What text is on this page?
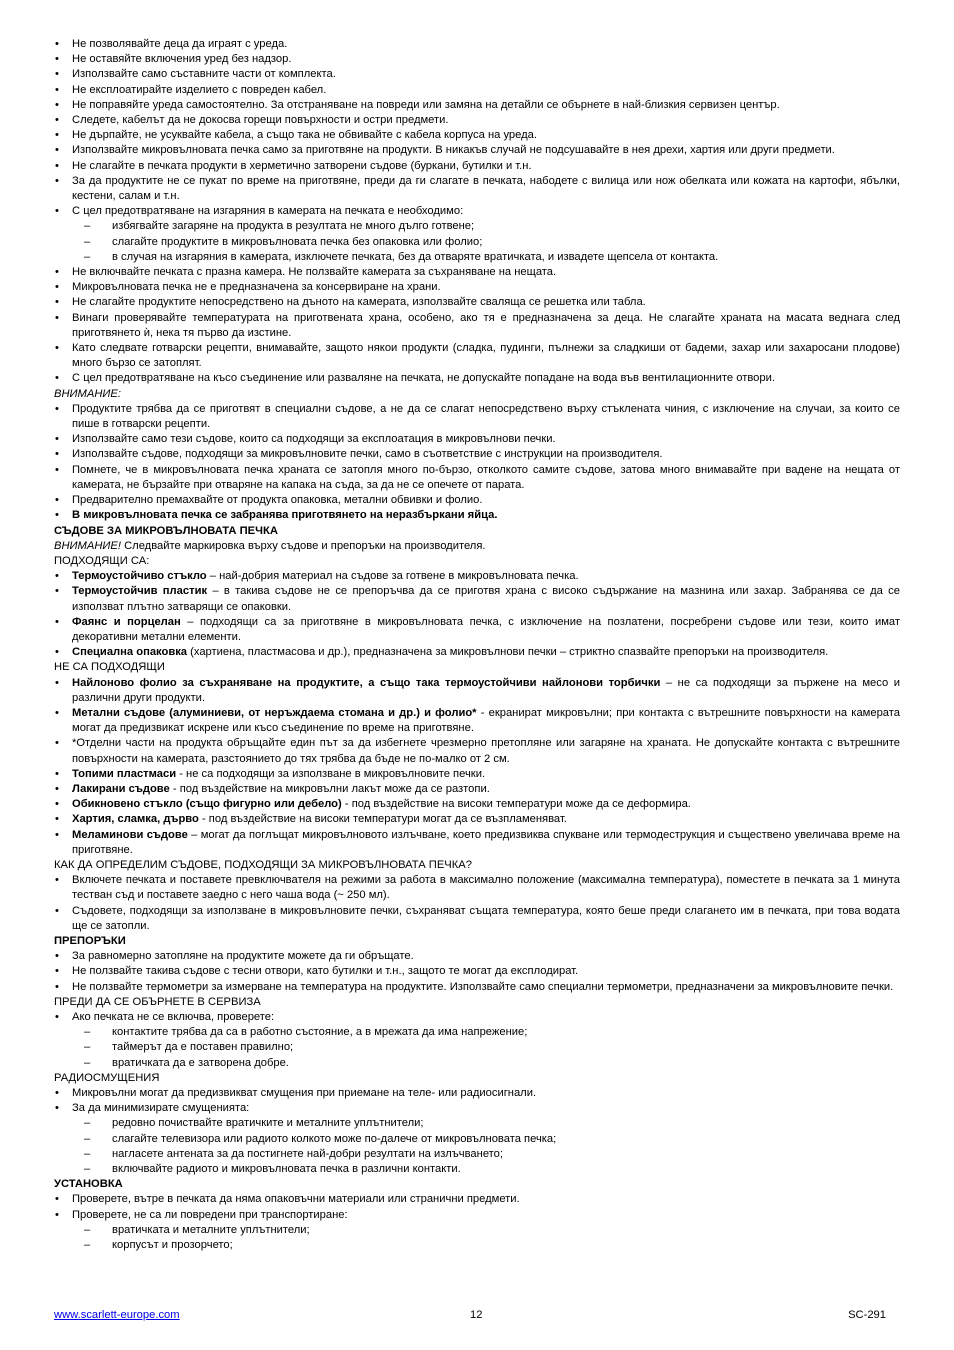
• Не позволявайте деца да играят с уреда.
• Не оставяйте включения уред без надзор.
• Използвайте само съставните части от комплекта.
• Не експлоатирайте изделието с повреден кабел.
• Не поправяйте уреда самостоятелно. За отстраняване на повреди или замяна на детайли се обърнете в най-близкия сервизен център.
• Следете, кабелът да не докосва горещи повърхности и остри предмети.
• Не дърпайте, не усуквайте кабела, а също така не обвивайте с кабела корпуса на уреда.
• Използвайте микровълновата печка само за приготвяне на продукти. В никакъв случай не подсушавайте в нея дрехи, хартия или други предмети.
• Не слагайте в печката продукти в херметично затворени съдове (буркани, бутилки и т.н.
• За да продуктите не се пукат по време на приготвяне, преди да ги слагате в печката, набодете с вилица или нож обелката или кожата на картофи, ябълки, кестени, салам и т.н.
• С цел предотвратяване на изгаряния в камерата на печката е необходимо:
– избягвайте загаряне на продукта в резултата не много дълго готвене;
– слагайте продуктите в микровълновата печка без опаковка или фолио;
– в случая на изгаряния в камерата, изключете печката, без да отваряте вратичката, и извадете щепсела от контакта.
• Не включвайте печката с празна камера. Не ползвайте камерата за съхраняване на нещата.
• Микровълновата печка не е предназначена за консервиране на храни.
• Не слагайте продуктите непосредствено на дъното на камерата, използвайте сваляща се решетка или табла.
• Винаги проверявайте температурата на приготвената храна, особено, ако тя е предназначена за деца. Не слагайте храната на масата веднага след приготвянето ѝ, нека тя първо да изстине.
• Като следвате готварски рецепти, внимавайте, защото някои продукти (сладка, пудинги, пълнежи за сладкиши от бадеми, захар или захаросани плодове) много бързо се затоплят.
• С цел предотвратяване на късо съединение или разваляне на печката, не допускайте попадане на вода във вентилационните отвори.
ВНИМАНИЕ:
• Продуктите трябва да се приготвят в специални съдове, а не да се слагат непосредствено върху стъклената чиния, с изключение на случаи, за които се пише в готварски рецепти.
• Използвайте само тези съдове, които са подходящи за експлоатация в микровълнови печки.
• Използвайте съдове, подходящи за микровълновите печки, само в съответствие с инструкции на производителя.
• Помнете, че в микровълновата печка храната се затопля много по-бързо, отколкото самите съдове, затова много внимавайте при вадене на нещата от камерата, не бързайте при отваряне на капака на съда, за да не се опечете от парата.
• Предварително премахвайте от продукта опаковка, метални обвивки и фолио.
• В микровълновата печка се забранява приготвянето на неразбъркани яйца.
СЪДОВЕ ЗА МИКРОВЪЛНОВАТА ПЕЧКА
ВНИМАНИЕ! Следвайте маркировка върху съдове и препоръки на производителя.
ПОДХОДЯЩИ СА:
• Термоустойчиво стъкло – най-добрия материал на съдове за готвене в микровълновата печка.
• Термоустойчив пластик – в такива съдове не се препоръчва да се приготвя храна с високо съдържание на мазнина или захар. Забранява се да се използват плътно затварящи се опаковки.
• Фаянс и порцелан – подходящи са за приготвяне в микровълновата печка, с изключение на позлатени, посребрени съдове или тези, които имат декоративни метални елементи.
• Специална опаковка (хартиена, пластмасова и др.), предназначена за микровълнови печки – стриктно спазвайте препоръки на производителя.
НЕ СА ПОДХОДЯЩИ
• Найлоново фолио за съхраняване на продуктите, а също така термоустойчиви найлонови торбички – не са подходящи за пържене на месо и различни други продукти.
• Метални съдове (алуминиеви, от неръждаема стомана и др.) и фолио* - екранират микровълни; при контакта с вътрешните повърхности на камерата могат да предизвикат искрене или късо съединение по време на приготвяне.
• *Отделни части на продукта обръщайте един път за да избегнете чрезмерно претопляне или загаряне на храната. Не допускайте контакта с вътрешните повърхности на камерата, разстоянието до тях трябва да бъде не по-малко от 2 см.
• Топими пластмаси - не са подходящи за използване в микровълновите печки.
• Лакирани съдове - под въздействие на микровълни лакът може да се разтопи.
• Обикновено стъкло (също фигурно или дебело) - под въздействие на високи температури може да се деформира.
• Хартия, сламка, дърво - под въздействие на високи температури могат да се възпламеняват.
• Меламинови съдове – могат да поглъщат микровълновото излъчване, което предизвиква спукване или термодеструкция и съществено увеличава време на приготвяне.
КАК ДА ОПРЕДЕЛИМ СЪДОВЕ, ПОДХОДЯЩИ ЗА МИКРОВЪЛНОВАТА ПЕЧКА?
• Включете печката и поставете превключвателя на режими за работа в максимално положение (максимална температура), поместете в печката за 1 минута тестван съд и поставете заедно с него чаша вода (~ 250 мл).
• Съдовете, подходящи за използване в микровълновите печки, съхраняват същата температура, която беше преди слагането им в печката, при това водата ще се затопли.
ПРЕПОРЪКИ
• За равномерно затопляне на продуктите можете да ги обръщате.
• Не ползвайте такива съдове с тесни отвори, като бутилки и т.н., защото те могат да експлодират.
• Не ползвайте термометри за измерване на температура на продуктите. Използвайте само специални термометри, предназначени за микровълновите печки.
ПРЕДИ ДА СЕ ОБЪРНЕТЕ В СЕРВИЗА
• Ако печката не се включва, проверете:
– контактите трябва да са в работно състояние, а в мрежата да има напрежение;
– таймерът да е поставен правилно;
– вратичката да е затворена добре.
РАДИОСМУЩЕНИЯ
• Микровълни могат да предизвикват смущения при приемане на теле- или радиосигнали.
• За да минимизирате смущенията:
– редовно почиствайте вратичките и металните уплътнители;
– слагайте телевизора или радиото колкото може по-далече от микровълновата печка;
– нагласете антената за да постигнете най-добри резултати на излъчването;
– включвайте радиото и микровълновата печка в различни контакти.
УСТАНОВКА
• Проверете, вътре в печката да няма опаковъчни материали или странични предмети.
• Проверете, не са ли повредени при транспортиране:
– вратичката и металните уплътнители;
– корпусът и прозорчето;
www.scarlett-europe.com	12	SC-291
